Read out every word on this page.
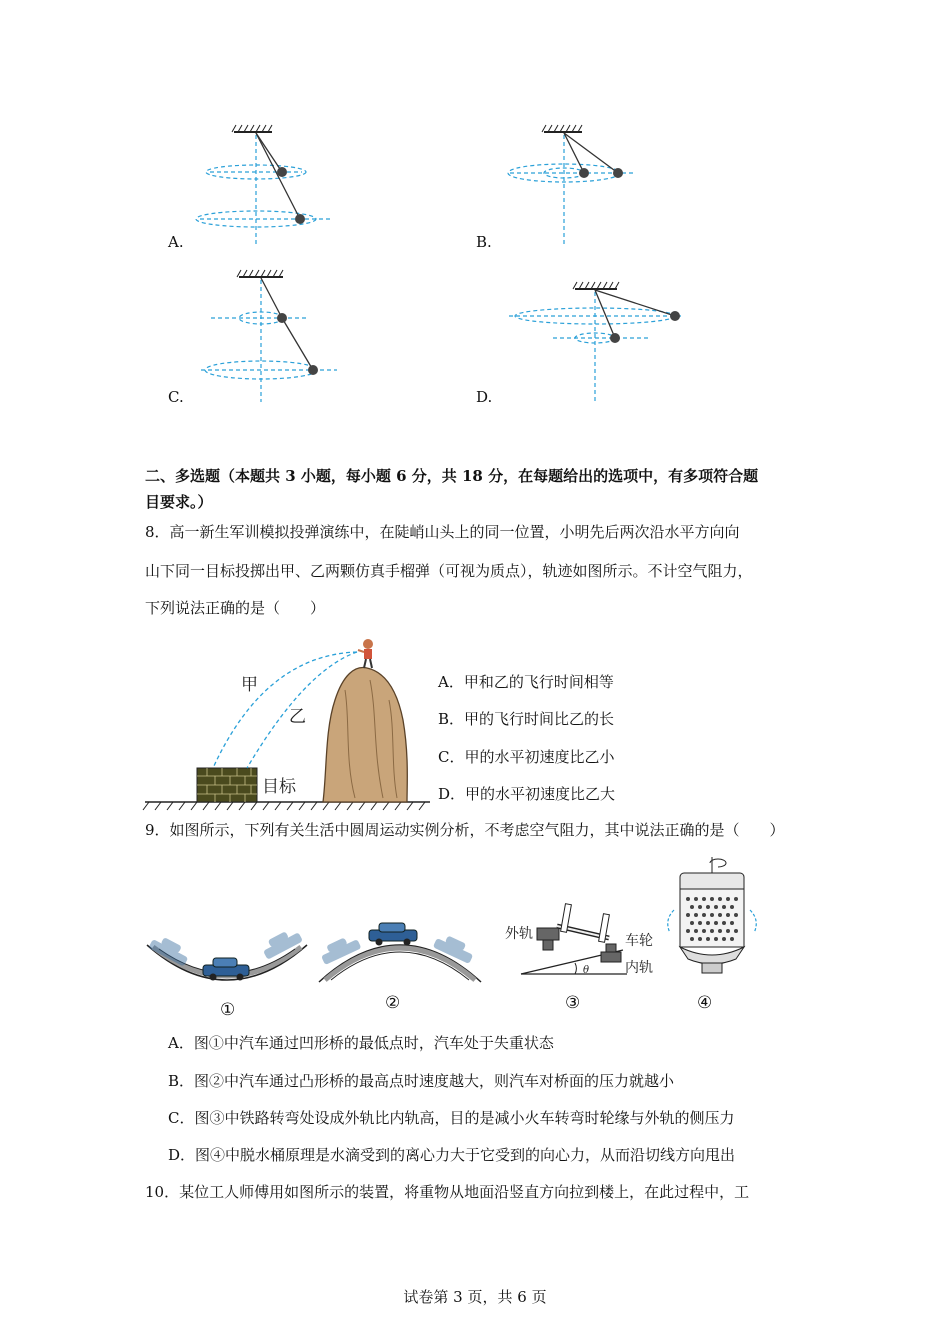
A.	B.
C.	D.
二、多选题（本题共 3 小题，每小题 6 分，共 18 分，在每题给出的选项中，有多项符合题
目要求。）
8．高一新生军训模拟投弹演练中，在陡峭山头上的同一位置，小明先后两次沿水平方向向
山下同一目标投掷出甲、乙两颗仿真手榴弹（可视为质点），轨迹如图所示。不计空气阻力，
下列说法正确的是（　　）
甲
乙
目标
A．甲和乙的飞行时间相等
B．甲的飞行时间比乙的长
C．甲的水平初速度比乙小
D．甲的水平初速度比乙大
9．如图所示，下列有关生活中圆周运动实例分析，不考虑空气阻力，其中说法正确的是（　　）
①	②
外轨	车轮
内轨
θ
③	④
A．图①中汽车通过凹形桥的最低点时，汽车处于失重状态
B．图②中汽车通过凸形桥的最高点时速度越大，则汽车对桥面的压力就越小
C．图③中铁路转弯处设成外轨比内轨高，目的是减小火车转弯时轮缘与外轨的侧压力
D．图④中脱水桶原理是水滴受到的离心力大于它受到的向心力，从而沿切线方向甩出
10．某位工人师傅用如图所示的装置，将重物从地面沿竖直方向拉到楼上，在此过程中，工
试卷第 3 页，共 6 页
